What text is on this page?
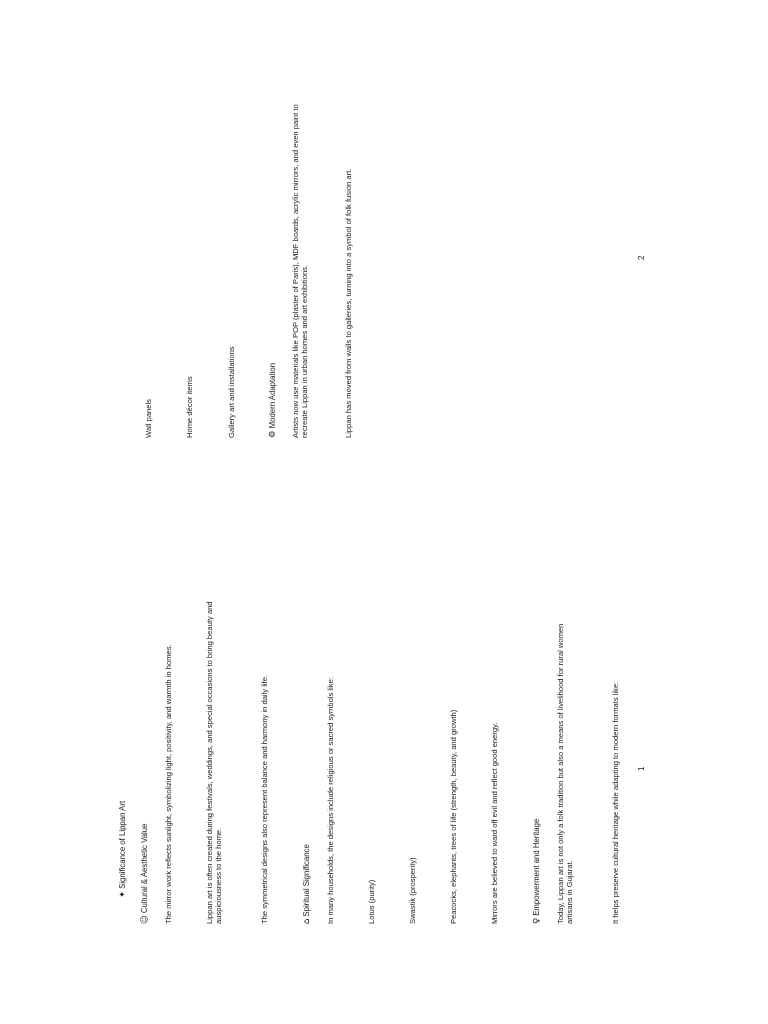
✦Significance of Lippan Art
☺Cultural & Aesthetic Value The mirror work reflects sunlight, symbolizing light, positivity, and warmth in homes.	Lippan art is often created during festivals, weddings, and special occasions to bring beauty and auspiciousness to the home.	The symmetrical designs also represent balance and harmony in daily life.	⌂Spiritual Significance In many households, the designs include religious or sacred symbols like:	Lotus (purity)	Swastik (prosperity)	Peacocks, elephants, trees of life (strength, beauty, and growth)	Mirrors are believed to ward off evil and reflect good energy.	♀Empowerment and Heritage Today, Lippan art is not only a folk tradition but also a means of livelihood for rural women artisans in Gujarat.	It helps preserve cultural heritage while adapting to modern formats like: 1
Wall panels	Home décor items	Gallery art and installations	⚙Modern Adaptation Artists now use materials like POP (plaster of Paris), MDF boards, acrylic mirrors, and even paint to recreate Lippan in urban homes and art exhibitions.	Lippan has moved from walls to galleries, turning into a symbol of folk fusion art.	2
